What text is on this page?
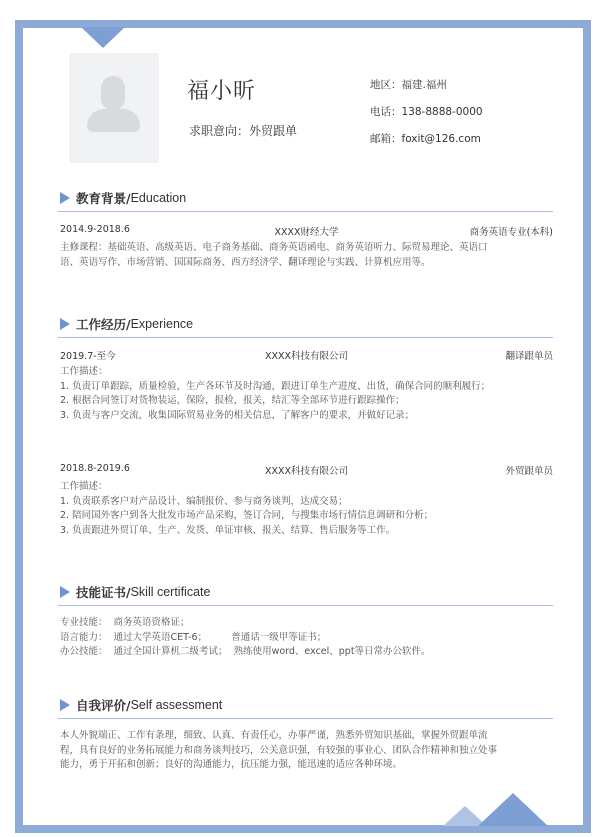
福小昕
求职意向：外贸跟单
地区：福建.福州
电话：138-8888-0000
邮箱：foxit@126.com
教育背景/ Education
2014.9-2018.6	XXXX财经大学	商务英语专业(本科)
主修课程：基础英语、高级英语、电子商务基础、商务英语函电、商务英语听力、际贸易理论、英语口
语、英语写作、市场营销、国国际商务、西方经济学、翻译理论与实践、计算机应用等。
工作经历/ Experience
2019.7-至今	XXXX科技有限公司	翻译跟单员
工作描述：
1. 负责订单跟踪，质量检验，生产各环节及时沟通，跟进订单生产进度、出货，确保合同的顺利履行；
2. 根据合同签订对货物装运，保险，报检，报关，结汇等全部环节进行跟踪操作；
3. 负责与客户交流，收集国际贸易业务的相关信息，了解客户的要求，并做好记录；
2018.8-2019.6	XXXX科技有限公司	外贸跟单员
工作描述：
1. 负责联系客户对产品设计、编制报价、参与商务谈判，达成交易；
2. 陪同国外客户到各大批发市场产品采购，签订合同，与搜集市场行情信息调研和分析；
3. 负责跟进外贸订单、生产、发货、单证审核、报关、结算、售后服务等工作。
技能证书/ Skill certificate
专业技能：  商务英语资格证；
语言能力：  通过大学英语CET-6；        普通话一级甲等证书；
办公技能：  通过全国计算机二级考试；  熟练使用word、excel、ppt等日常办公软件。
自我评价/ Self assessment
本人外貌端正、工作有条理，细致、认真、有责任心，办事严谨，熟悉外贸知识基础，掌握外贸跟单流
程，具有良好的业务拓展能力和商务谈判技巧，公关意识强，有较强的事业心、团队合作精神和独立处事
能力，勇于开拓和创新；良好的沟通能力，抗压能力强，能迅速的适应各种环境。
